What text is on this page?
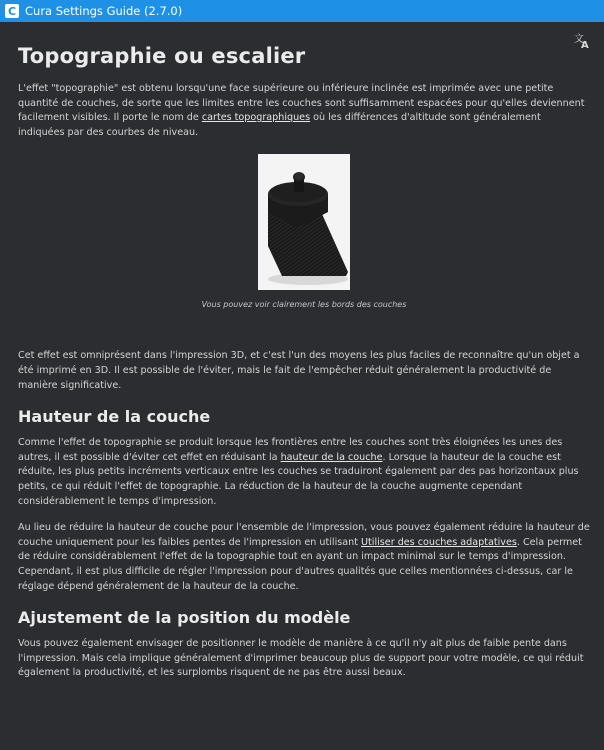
C Cura Settings Guide (2.7.0)
文
A
Topographie ou escalier

L'effet "topographie" est obtenu lorsqu'une face supérieure ou inférieure inclinée est imprimée avec une petite quantité de couches, de sorte que les limites entre les couches sont suffisamment espacées pour qu'elles deviennent facilement visibles. Il porte le nom de cartes topographiques où les différences d'altitude sont généralement indiquées par des courbes de niveau.

Vous pouvez voir clairement les bords des couches

Cet effet est omniprésent dans l'impression 3D, et c'est l'un des moyens les plus faciles de reconnaître qu'un objet a été imprimé en 3D. Il est possible de l'éviter, mais le fait de l'empêcher réduit généralement la productivité de manière significative.

Hauteur de la couche

Comme l'effet de topographie se produit lorsque les frontières entre les couches sont très éloignées les unes des autres, il est possible d'éviter cet effet en réduisant la hauteur de la couche. Lorsque la hauteur de la couche est réduite, les plus petits incréments verticaux entre les couches se traduiront également par des pas horizontaux plus petits, ce qui réduit l'effet de topographie. La réduction de la hauteur de la couche augmente cependant considérablement le temps d'impression.

Au lieu de réduire la hauteur de couche pour l'ensemble de l'impression, vous pouvez également réduire la hauteur de couche uniquement pour les faibles pentes de l'impression en utilisant Utiliser des couches adaptatives. Cela permet de réduire considérablement l'effet de la topographie tout en ayant un impact minimal sur le temps d'impression. Cependant, il est plus difficile de régler l'impression pour d'autres qualités que celles mentionnées ci-dessus, car le réglage dépend généralement de la hauteur de la couche.

Ajustement de la position du modèle

Vous pouvez également envisager de positionner le modèle de manière à ce qu'il n'y ait plus de faible pente dans l'impression. Mais cela implique généralement d'imprimer beaucoup plus de support pour votre modèle, ce qui réduit également la productivité, et les surplombs risquent de ne pas être aussi beaux.
